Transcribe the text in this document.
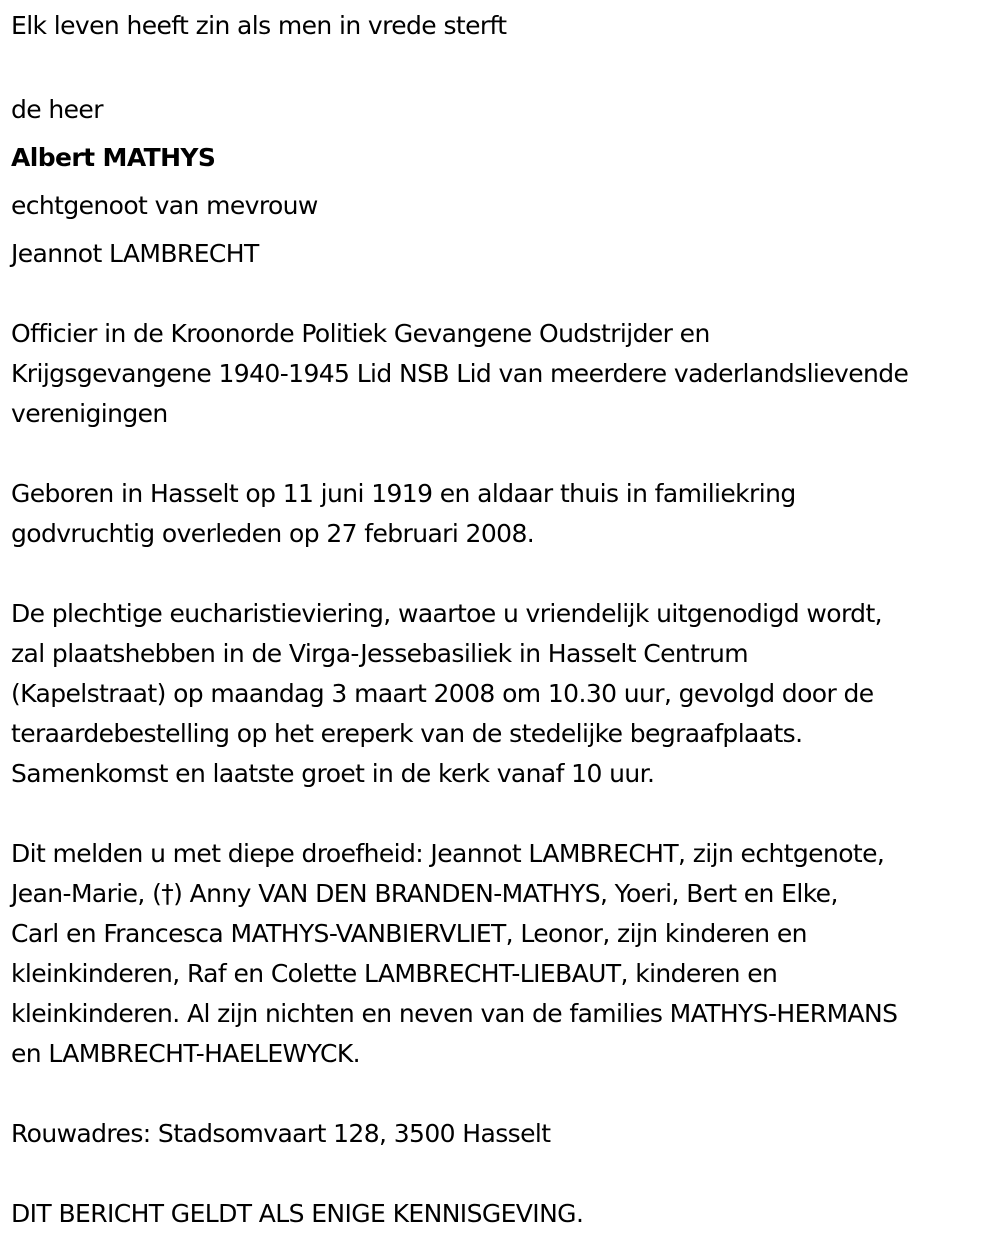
Elk leven heeft zin als men in vrede sterft
de heer
Albert MATHYS
echtgenoot van mevrouw
Jeannot LAMBRECHT
Officier in de Kroonorde Politiek Gevangene Oudstrijder en
Krijgsgevangene 1940-1945 Lid NSB Lid van meerdere vaderlandslievende
verenigingen
Geboren in Hasselt op 11 juni 1919 en aldaar thuis in familiekring
godvruchtig overleden op 27 februari 2008.
De plechtige eucharistieviering, waartoe u vriendelijk uitgenodigd wordt,
zal plaatshebben in de Virga-Jessebasiliek in Hasselt Centrum
(Kapelstraat) op maandag 3 maart 2008 om 10.30 uur, gevolgd door de
teraardebestelling op het ereperk van de stedelijke begraafplaats.
Samenkomst en laatste groet in de kerk vanaf 10 uur.
Dit melden u met diepe droefheid: Jeannot LAMBRECHT, zijn echtgenote,
Jean-Marie, (†) Anny VAN DEN BRANDEN-MATHYS, Yoeri, Bert en Elke,
Carl en Francesca MATHYS-VANBIERVLIET, Leonor, zijn kinderen en
kleinkinderen, Raf en Colette LAMBRECHT-LIEBAUT, kinderen en
kleinkinderen. Al zijn nichten en neven van de families MATHYS-HERMANS
en LAMBRECHT-HAELEWYCK.
Rouwadres: Stadsomvaart 128, 3500 Hasselt
DIT BERICHT GELDT ALS ENIGE KENNISGEVING.
